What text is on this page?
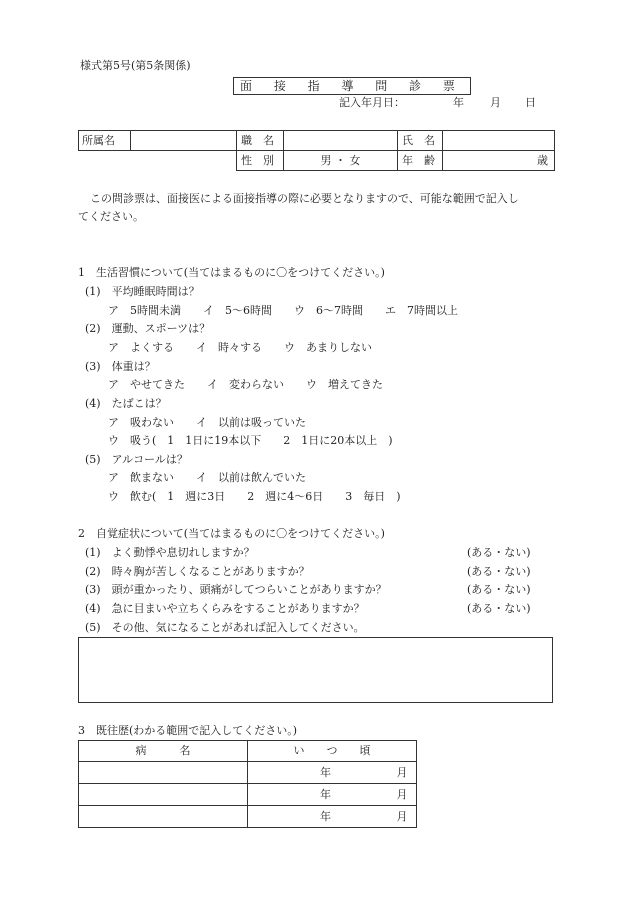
様式第5号(第5条関係)
面 接 指 導 問 診 票
記入年月日：	年 月 日
所属名		職　名		氏　名	
		性　別	男 ・ 女	年　齢	歳
この問診票は、面接医による面接指導の際に必要となりますので、可能な範囲で記入し
てください。
1　生活習慣について(当てはまるものに〇をつけてください。)
(1)　平均睡眠時間は？
ア　5時間未満　　イ　5〜6時間　　ウ　6〜7時間　　エ　7時間以上
(2)　運動、スポーツは？
ア　よくする　　イ　時々する　　ウ　あまりしない
(3)　体重は？
ア　やせてきた　　イ　変わらない　　ウ　増えてきた
(4)　たばこは？
ア　吸わない　　イ　以前は吸っていた
ウ　吸う(　1　1日に19本以下　　2　1日に20本以上　)
(5)　アルコールは？
ア　飲まない　　イ　以前は飲んでいた
ウ　飲む(　1　週に3日　　2　週に4〜6日　　3　毎日　)
2　自覚症状について(当てはまるものに〇をつけてください。)
(1)　よく動悸や息切れしますか？	(ある・ない)
(2)　時々胸が苦しくなることがありますか？	(ある・ない)
(3)　頭が重かったり、頭痛がしてつらいことがありますか？	(ある・ない)
(4)　急に目まいや立ちくらみをすることがありますか？	(ある・ない)
(5)　その他、気になることがあれば記入してください。
3　既往歴(わかる範囲で記入してください。)
病　　　名	い　　つ　　頃
	年 月
	年 月
	年 月
